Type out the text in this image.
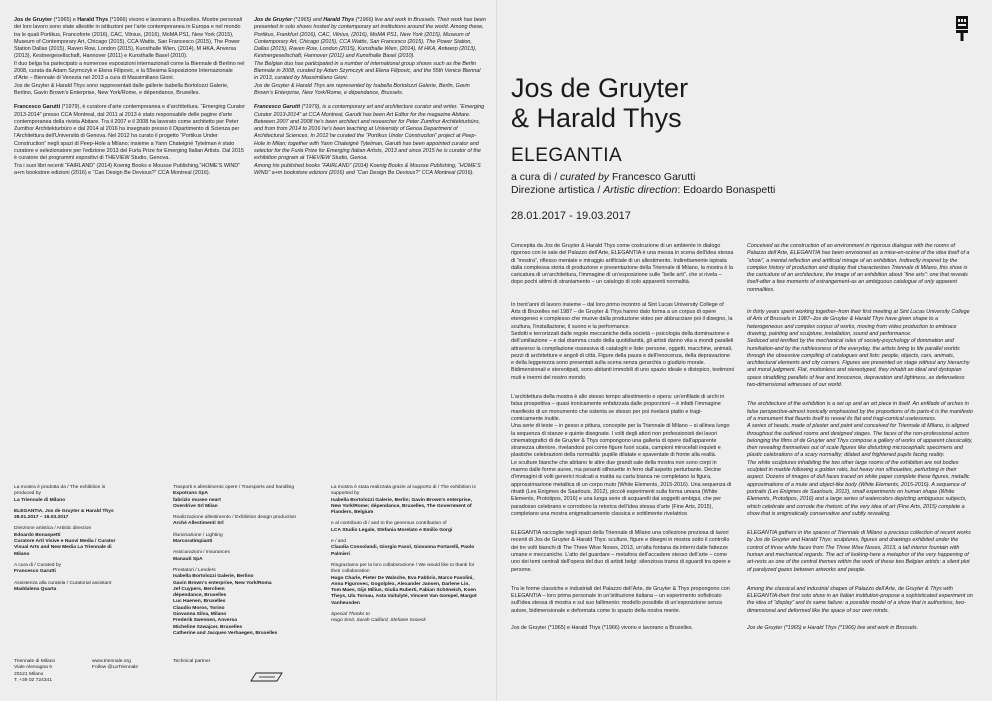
Jos de Gruyter (*1965) e Harald Thys (*1966) vivono e lavorano a Bruxelles. Mostre personali dei loro lavoro sono state allestite in istituzioni per l’arte contemporanea in Europa e nel mondo tra le quali Portikus, Francoforte (2016), CAC, Vilnius, (2016), MoMA PS1, New York (2015), Museum of Contemporary Art, Chicago (2015), CCA Wattis, San Francesco (2015), The Power Station Dallas (2015), Raven Row, London (2015), Kunsthalle Wien, (2014), M HKA, Anversa (2013), Kestnergesellschaft, Hannover (2011) e Kunsthalle Basel (2010).
Il duo belga ha partecipato a numerose esposizioni internazionali come la Biennale di Berlino nel 2008, curata da Adam Szymczyk e Elena Filipovic, e la 55esima Esposizione Internazionale d’Arte – Biennale di Venezia nel 2013 a cura di Massimiliano Gioni.
Jos de Gruyter & Harald Thys sono rappresentati dalle gallerie Isabella Bortolozzi Galerie, Berlino, Gavin Brown’s Enterprise, New York/Rome, e dépendance, Bruxelles.

Francesco Garutti (*1979), è curatore d’arte contemporanea e d’architettura. “Emerging Curator 2013-2014” presso CCA Montreal, dal 2011 al 2013 è stato responsabile delle pagine d’arte contemporanea della rivista Abitare. Tra il 2007 e il 2008 ha lavorato come architetto per Peter Zumthor Architekturbüro e dal 2014 al 2016 ha insegnato presso il Dipartimento di Scienza per l’Architettura dell’Università di Genova. Nel 2012 ha curato il progetto “Portikus Under Construction” negli spazi di Peep-Hole a Milano; insieme a Yann Chateigné Tytelman è stato curatore e selezionatore per l’edizione 2013 del Furla Prize for Emerging Italian Artists. Dal 2015 è curatore dei programmi espositivi di THEVIEW Studio, Genova.
Tra i suoi libri recenti “FAIRLAND” (2014) Koenig Books e Mousse Publishing,“HOME’S WIND” a+m bookstore edizioni (2016) e “Can Design Be Devious?” CCA Montreal (2016).

Jos de Gruyter (*1965) and Harald Thys (*1966) live and work in Brussels. Their work has been presented in solo shows hosted by contemporary art institutions around the world. Among these, Portikus, Frankfurt (2016), CAC, Vilnius, (2016), MoMA PS1, New York (2015), Museum of Contemporary Art, Chicago (2015), CCA Wattis, San Francesco (2015), The Power Station, Dallas (2015), Raven Row, London (2015), Kunsthalle Wien, (2014), M HKA, Antwerp (2013), Kestnergesellschaft, Hannover (2011) and Kunsthalle Basel (2010).
The Belgian duo has participated in a number of international group shows such as the Berlin Biennale in 2008, curated by Adam Szymczyk and Elena Filipovic, and the 55th Venice Biennal in 2013, curated by Massimiliano Gioni.
Jos de Gruyter & Harald Thys are represented by Isabella Bortolozzi Galerie, Berlin, Gavin Brown’s Enterprise, New York/Rome, e dépendance, Brussels.

Francesco Garutti (*1979), is a contemporary art and architecture curator and writer. “Emerging Curator 2013-2014” at CCA Montreal, Garutti has been Art Editor for the magazine Abitare. Between 2007 and 2008 he’s been architect and researcher for Peter Zumthor Architekturbüro, and from from 2014 to 2016 he’s been teaching at University of Genoa Department of Architectural Sciences. In 2012 he curated the “Portikus Under Construction” project at Peep-Hole in Milan; together with Yann Chateigné Tytelman, Garutti has been appointed curator and selector for the Furla Prize for Emerging Italian Artists, 2013 and since 2015 he is curator of the exhibition program at THEVIEW Studio, Genoa.
Among his published books “FAIRLAND” (2014) Koenig Books & Mousse Publishing, “HOME’S WIND” a+m bookstore edizioni (2016) and “Can Design Be Devious?” CCA Montreal (2016).

La mostra è prodotta da / The exhibition is produced by
La Triennale di Milano

ELEGANTIA. Jos de Gruyter & Harald Thys
28.01.2017 – 19.03.2017

Direzione artistica / Artistic direction
Edoardo Bonaspetti
Curatore Arti Visive e Nuovi Media / Curator Visual Arts and New Media La Triennale di Milano

A cura di / Curated by
Francesco Garutti

Assistenza alla curatela / Curatorial assistant
Maddalena Quarta

Trasporti e allestimento opere / Transports and handling
Expotrans SpA
fabrizio museo neart
Overdrive Srl Milan

Realizzazione allestimento / Exhibition design production
Arché Allestimenti Srl

Illuminazione / Lighting
Marcoratimpianti

Assicurazioni / Insurances
Manauti SpA

Prestatori / Lenders
Isabella Bortolozzi Galerie, Berlino
Gavin Brown's enterprise, New York/Roma
Jef Cuypers, Berchem
dépendance, Bruxelles
Luc Haenen, Bruxelles
Claudio Moros, Torino
Giovanna Silva, Milano
Frederik Swennen, Anversa
Micheline Szwajcer, Bruxelles
Catherine and Jacques Verhaegen, Bruxelles

La mostra è stata realizzata grazie al supporto di / The exhibition is supported by
Isabella Bortolozzi Galerie, Berlin; Gavin Brown's enterprise, New York/Rome; dépendance, Bruxelles, The Government of Flanders, Belgium

e al contributo di / and to the generous contribution of
LCA Studio Legale, Stefania Morelato e Emilio Gorgi

e / and
Claudia Consolandi, Giorgio Fasol, Giovanna Fortarelli, Paolo Palmieri

Ringraziamo per la loro collaborazione / We would like to thank for their collaboration
Hugo Charle, Pieter De Walsche, Eva Fabbris, Marco Fasolini, Anna Figurovec, Gogolplex, Alexander Jansen, Darlene Lin, Tom Maes, Gijs Milius, Giulia Ruberti, Fabian Schöneich, Koen Theys, Ula Tornau, Asta Vaitulytė, Vincent Van Gompel, Margot Vanheusden

Special Thanks to
Hugo Smit, Sarah Caillard, Stefanie Snoeck

Triennale di Milano
Viale Alemagna 6
20121 Milano
T. +39 02 724341

www.triennale.org
Follow @LaTriennale

Technical partner

Jos de Gruyter
& Harald Thys
ELEGANTIA
a cura di / curated by Francesco Garutti
Direzione artistica / Artistic direction: Edoardo Bonaspetti
28.01.2017 - 19.03.2017

Concepita da Jos de Gruyter & Harald Thys come costruzione di un ambiente in dialogo rigoroso con le sale del Palazzo dell’Arte, ELEGANTIA è una messa in scena dell’idea stessa di “mostra”, riflesso mentale e miraggio artificiale di un allestimento. Indirettamente ispirata dalla complessa storia di produzione e presentazione della Triennale di Milano, la mostra è la caricatura di un’architettura, l’immagine di un’esposizione sulle “belle arti”, che si rivela – dopo pochi attimi di straniamento – un catalogo di solo apparenti normalità.

In trent’anni di lavoro insieme – dal loro primo incontro al Sint Lucas University College of Arts di Bruxelles nel 1987 – de Gruyter & Thys hanno dato forma a un corpus di opere eterogeneo e complesso che muove dalla produzione video per abbracciare poi il disegno, la scultura, l’installazione, il suono e la performance.
Sedotti e terrorizzati dalle regole meccaniche della società – psicologia della dominazione e dell’umiliazione – e dal dramma crudo della quotidianità, gli artisti danno vita a mondi paralleli attraverso la compilazione ossessiva di cataloghi e liste: persone, oggetti, macchine, animali, pezzi di architetture e angoli di città. Figure della paura e dell’innocenza, della depravazione e della leggerezza sono presentati sulla scena senza gerarchia o giudizio morale. Bidimensionali e stereotipati, sono abitanti immobili di uno spazio ideale e distopico, testimoni muti e inermi del nostro mondo.

L’architettura della mostra è allo stesso tempo allestimento e opera: un’enfilade di archi in falsa prospettiva – quasi ironicamente enfatizzata dalle proporzioni – è infatti l’immagine manifesto di un monumento che ostenta se stesso per poi rivelarsi piatto e tragi-comicamente inutile.
Una serie di teste – in gesso e pittura, concepite per la Triennale di Milano – si allinea lungo la sequenza di stanze e quinte disegnate. I volti degli attori non professionisti dei lavori cinematografici di de Gruyter & Thys compongono una galleria di opere dall’apparente stranezza ulteriore, rivelandosi poi come figure fuori scala, campioni mirocefali inquieti e plastiche celebrazioni della normalità: pupille dilatate e spaventate di fronte alla realtà.
Le sculture bianche che abitano le altre due grandi sale della mostra non sono corpi in marmo dalle forme auree, ma pesanti silhouette in ferro dall’aspetto perturbante. Decine d’immagini di volti generici ricalcati a matita su carta bianca ne completano la figura, approssimazione metallica di un corpo muto (White Elements, 2015-2016). Una sequenza di ritratti (Les Enigmes de Saarlouis, 2012), piccoli esperimenti sulla forma umana (White Elements, Prototipos, 2016) e una lunga serie di acquarelli dai soggetti ambigui, che per paradosso celebrano e corrodono la retorica dell’idea stessa d’arte (Fine Arts, 2015), completano una mostra enigmaticamente classica e sottilmente rivelatrice.

ELEGANTIA raccoglie negli spazi della Triennale di Milano una collezione preziosa di lavori recenti di Jos de Gruyter & Harald Thys: sculture, figure e disegni in mostra sotto il controllo dei tre volti bianchi di The Three Wise Noses, 2013, un’alta fontana da interni dalle fattezze umane e meccaniche. L’atto del guardare – metafora dell’accadere stesso dell’arte – come uno dei temi centrali dell’opera del duo di artisti belgi: silenziosa trama di sguardi tra opere e persone.

Tra le forme classiche e industriali del Palazzo dell’Arte, de Gruyter & Thys propongono con ELEGANTIA – loro prima personale in un’istituzione italiana – un esperimento sofisticato sull’idea stessa di mostra e sul suo fallimento: modello possibile di un’esposizione senza autore, bidimensionale e deformata come lo spazio della nostra mente.

Jos de Gruyter (*1965) e Harald Thys (*1966) vivono e lavorano a Bruxelles.

Conceived as the construction of an environment in rigorous dialogue with the rooms of Palazzo dell’Arte, ELEGANTIA has been envisioned as a mise-en-scène of the idea itself of a “show”, a mental reflection and artificial mirage of an exhibition. Indirectly inspired by the complex history of production and display that characterizes Triennale di Milano, this show is the caricature of an architecture, the image of an exhibition about “fine arts”: one that reveals itself-after a few moments of estrangement-as an ambiguous catalogue of only apparent normalities.

In thirty years spent working together–from their first meeting at Sint Lucas University College of Arts of Brussels in 1987–Jos de Gruyter & Harald Thys have given shape to a heterogeneous and complex corpus of works, moving from video production to embrace drawing, painting and sculpture, installation, sound and performance.
Seduced and terrified by the mechanical rules of society-psychology of domination and humiliation-and by the ruthlessness of the everyday, the artists bring to life parallel worlds through the obsessive compiling of catalogues and lists: people, objects, cars, animals, architectural elements and city corners. Figures are presented on stage without any hierarchy and moral judgment. Flat, motionless and stereotyped, they inhabit an ideal and dystopian space straddling parallels of fear and innocence, depravation and lightness, as defenseless two-dimensional witnesses of our world.

The architecture of the exhibition is a set up and an art piece in itself. An enfilade of arches in false perspective-almost ironically emphasized by the proportions of its parts-it is the manifesto of a monument that flaunts itself to reveal its flat and tragi-comical uselessness.
A series of heads, made of plaster and paint and conceived for Triennale di Milano, is aligned throughout the outlined rooms and designed stages. The faces of the non-professional actors belonging the films of de Gruyter and Thys compose a gallery of works of apparent classicality, then revealing themselves out of scale figures like disturbing microcephalic specimens and plastic celebrations of a scary normality; dilated and frightened pupils facing reality.
The white sculptures inhabiting the two other large rooms of the exhibition are not bodies sculpted in marble following a golden ratio, but heavy iron silhouettes, perturbing in their aspect. Dozens of images of dull faces traced on white paper complete these figures, metallic approximations of a mute and object-like body (White Elements, 2015-2016). A sequence of portraits (Les Enigmes de Saarlouis, 2012), small experiments on human shape (White Elements, Prototipos, 2016) and a large series of watercolors depicting ambiguous subjects, which celebrate and corrode the rhetoric of the very idea of art (Fine Arts, 2015) complete a show that is enigmatically conservative and subtly revealing.

ELEGANTIA gathers in the spaces of Triennale di Milano a precious collection of recent works by Jos de Gruyter and Harald Thys: sculptures, figures and drawings exhibited under the control of three white faces from The Three Wise Noses, 2013, a tall interior fountain with human and mechanical regards. The act of looking-here a metaphor of the very happening of art-rests as one of the central themes within the work of these two Belgian artists: a silent plot of paralyzed gazes between artworks and people.

Among the classical and industrial shapes of Palazzo dell’Arte, de Gruyter & Thys with ELEGANTIA-their first solo show in an Italian institution-propose a sophisticated experiment on the idea of “display” and its same failure: a possible model of a show that is authorless, two-dimensional and deformed like the space of our own minds.

Jos de Gruyter (*1965) e Harald Thys (*1966) live and work in Brussels.
